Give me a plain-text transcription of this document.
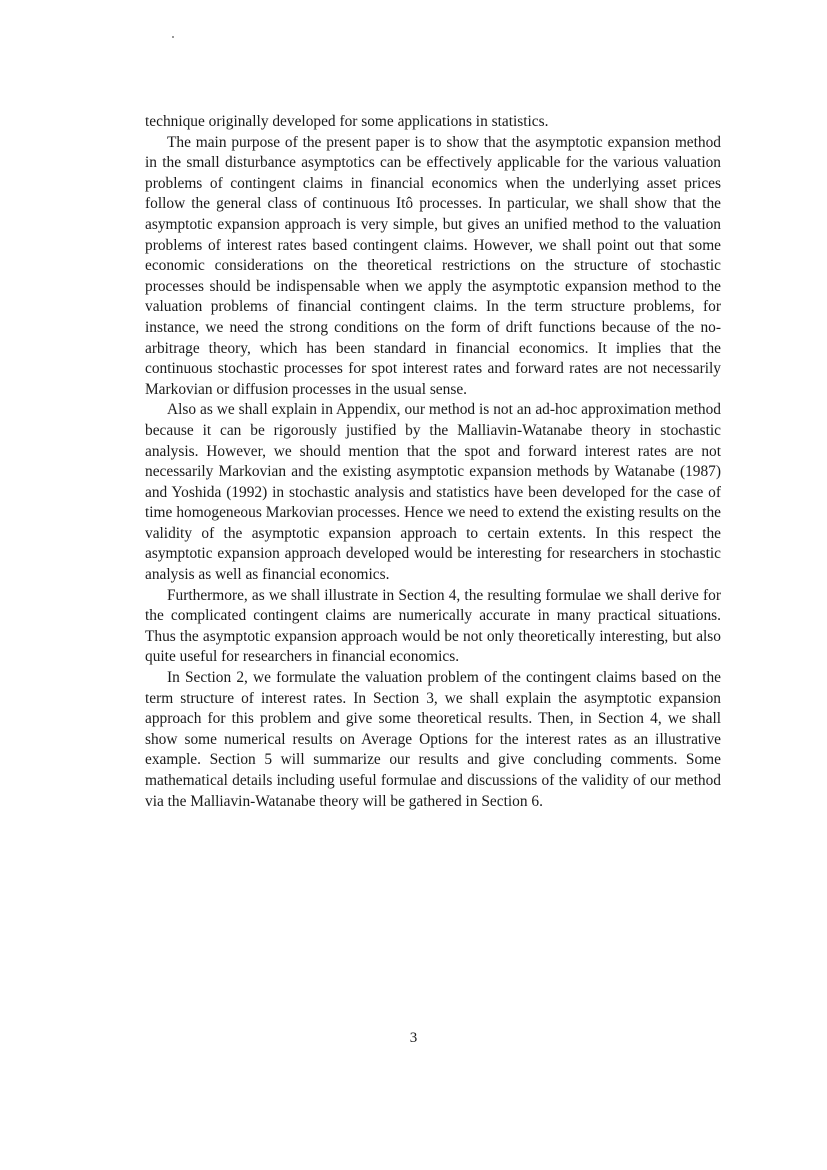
technique originally developed for some applications in statistics.

The main purpose of the present paper is to show that the asymptotic expansion method in the small disturbance asymptotics can be effectively applicable for the various valuation problems of contingent claims in financial economics when the underlying asset prices follow the general class of continuous Itô processes. In particular, we shall show that the asymptotic expansion approach is very simple, but gives an unified method to the valuation problems of interest rates based contingent claims. However, we shall point out that some economic considerations on the theoretical restrictions on the structure of stochastic processes should be indispensable when we apply the asymptotic expansion method to the valuation problems of financial contingent claims. In the term structure problems, for instance, we need the strong conditions on the form of drift functions because of the no-arbitrage theory, which has been standard in financial economics. It implies that the continuous stochastic processes for spot interest rates and forward rates are not necessarily Markovian or diffusion processes in the usual sense.

Also as we shall explain in Appendix, our method is not an ad-hoc approximation method because it can be rigorously justified by the Malliavin-Watanabe theory in stochastic analysis. However, we should mention that the spot and forward interest rates are not necessarily Markovian and the existing asymptotic expansion methods by Watanabe (1987) and Yoshida (1992) in stochastic analysis and statistics have been developed for the case of time homogeneous Markovian processes. Hence we need to extend the existing results on the validity of the asymptotic expansion approach to certain extents. In this respect the asymptotic expansion approach developed would be interesting for researchers in stochastic analysis as well as financial economics.

Furthermore, as we shall illustrate in Section 4, the resulting formulae we shall derive for the complicated contingent claims are numerically accurate in many practical situations. Thus the asymptotic expansion approach would be not only theoretically interesting, but also quite useful for researchers in financial economics.

In Section 2, we formulate the valuation problem of the contingent claims based on the term structure of interest rates. In Section 3, we shall explain the asymptotic expansion approach for this problem and give some theoretical results. Then, in Section 4, we shall show some numerical results on Average Options for the interest rates as an illustrative example. Section 5 will summarize our results and give concluding comments. Some mathematical details including useful formulae and discussions of the validity of our method via the Malliavin-Watanabe theory will be gathered in Section 6.

3
